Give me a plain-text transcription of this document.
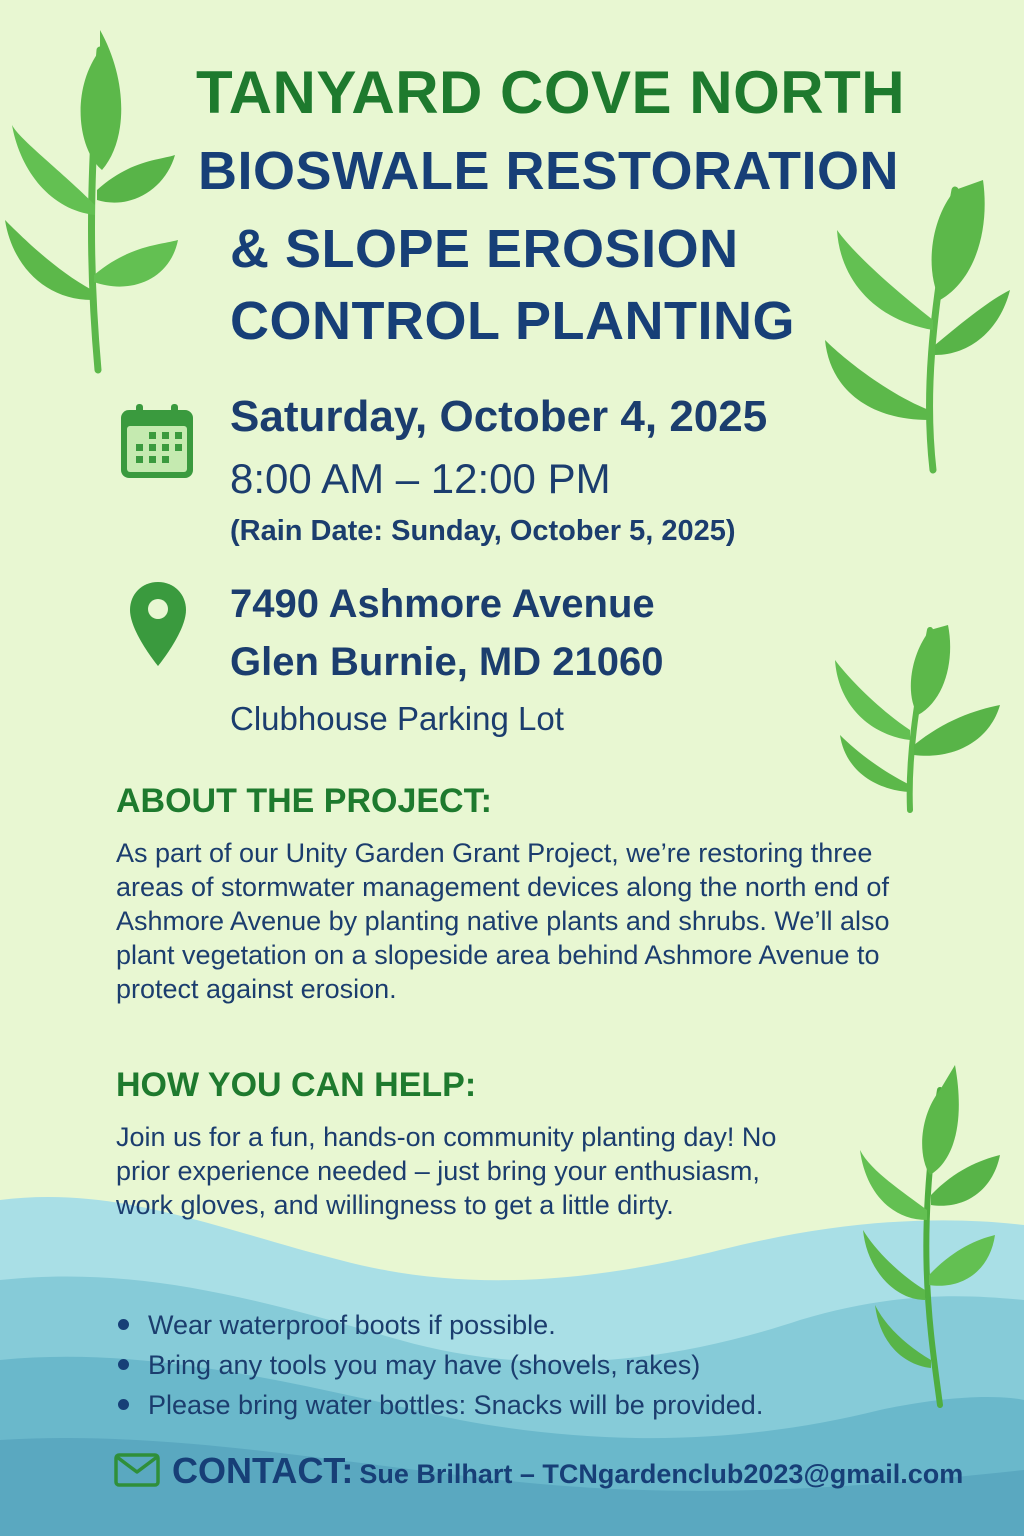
TANYARD COVE NORTH
BIOSWALE RESTORATION
& SLOPE EROSION
CONTROL PLANTING
Saturday, October 4, 2025
8:00 AM – 12:00 PM
(Rain Date: Sunday, October 5, 2025)
7490 Ashmore Avenue
Glen Burnie, MD 21060
Clubhouse Parking Lot
ABOUT THE PROJECT:
As part of our Unity Garden Grant Project, we’re restoring three areas of stormwater management devices along the north end of Ashmore Avenue by planting native plants and shrubs. We’ll also plant vegetation on a slopeside area behind Ashmore Avenue to protect against erosion.
HOW YOU CAN HELP:
Join us for a fun, hands-on community planting day! No prior experience needed – just bring your enthusiasm, work gloves, and willingness to get a little dirty.
Wear waterproof boots if possible.
Bring any tools you may have (shovels, rakes)
Please bring water bottles: Snacks will be provided.
CONTACT: Sue Brilhart – TCNgardenclub2023@gmail.com
